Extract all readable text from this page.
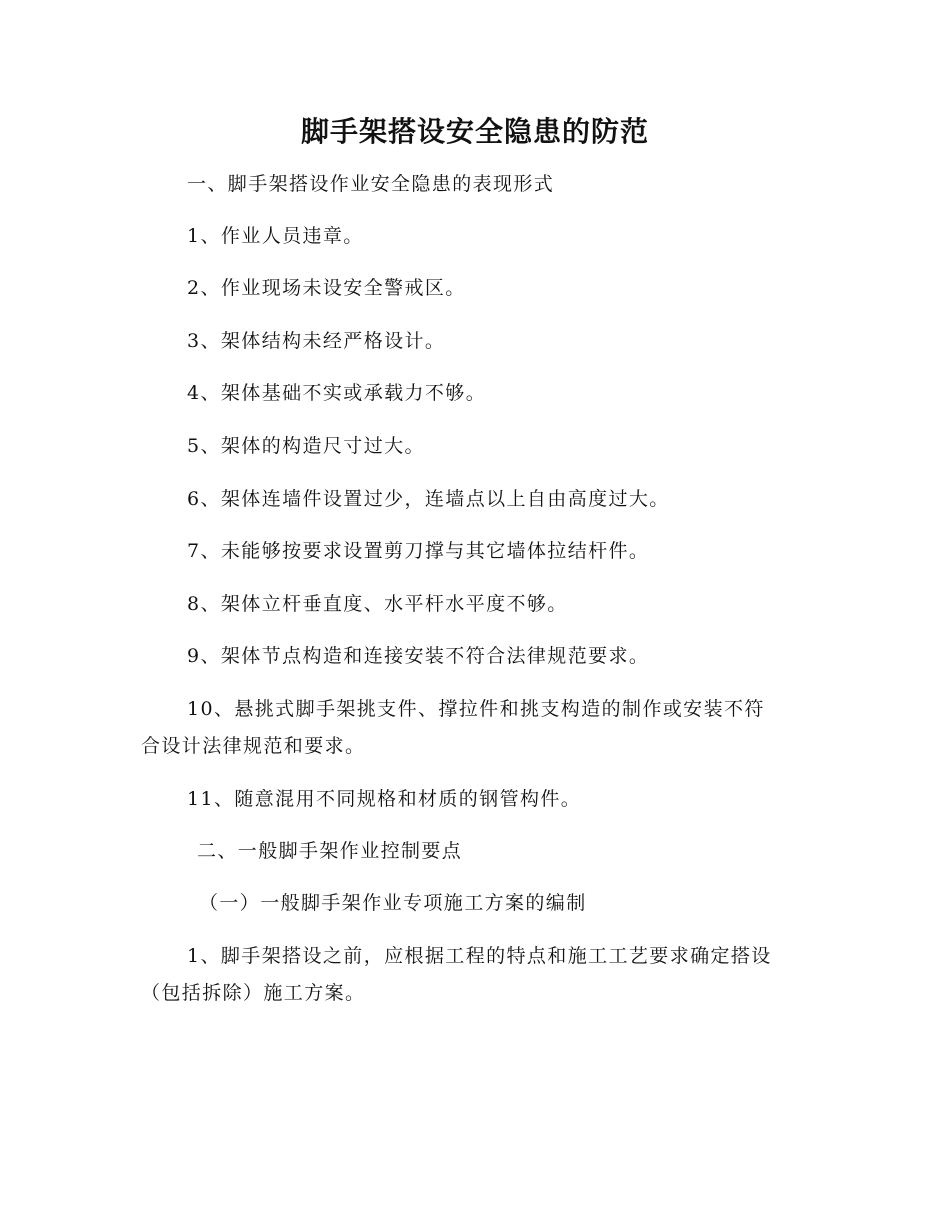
脚手架搭设安全隐患的防范
一、脚手架搭设作业安全隐患的表现形式
1、作业人员违章。
2、作业现场未设安全警戒区。
3、架体结构未经严格设计。
4、架体基础不实或承载力不够。
5、架体的构造尺寸过大。
6、架体连墙件设置过少，连墙点以上自由高度过大。
7、未能够按要求设置剪刀撑与其它墙体拉结杆件。
8、架体立杆垂直度、水平杆水平度不够。
9、架体节点构造和连接安装不符合法律规范要求。
10、悬挑式脚手架挑支件、撑拉件和挑支构造的制作或安装不符
合设计法律规范和要求。
11、随意混用不同规格和材质的钢管构件。
二、一般脚手架作业控制要点
（一）一般脚手架作业专项施工方案的编制
1、脚手架搭设之前，应根据工程的特点和施工工艺要求确定搭设
（包括拆除）施工方案。
